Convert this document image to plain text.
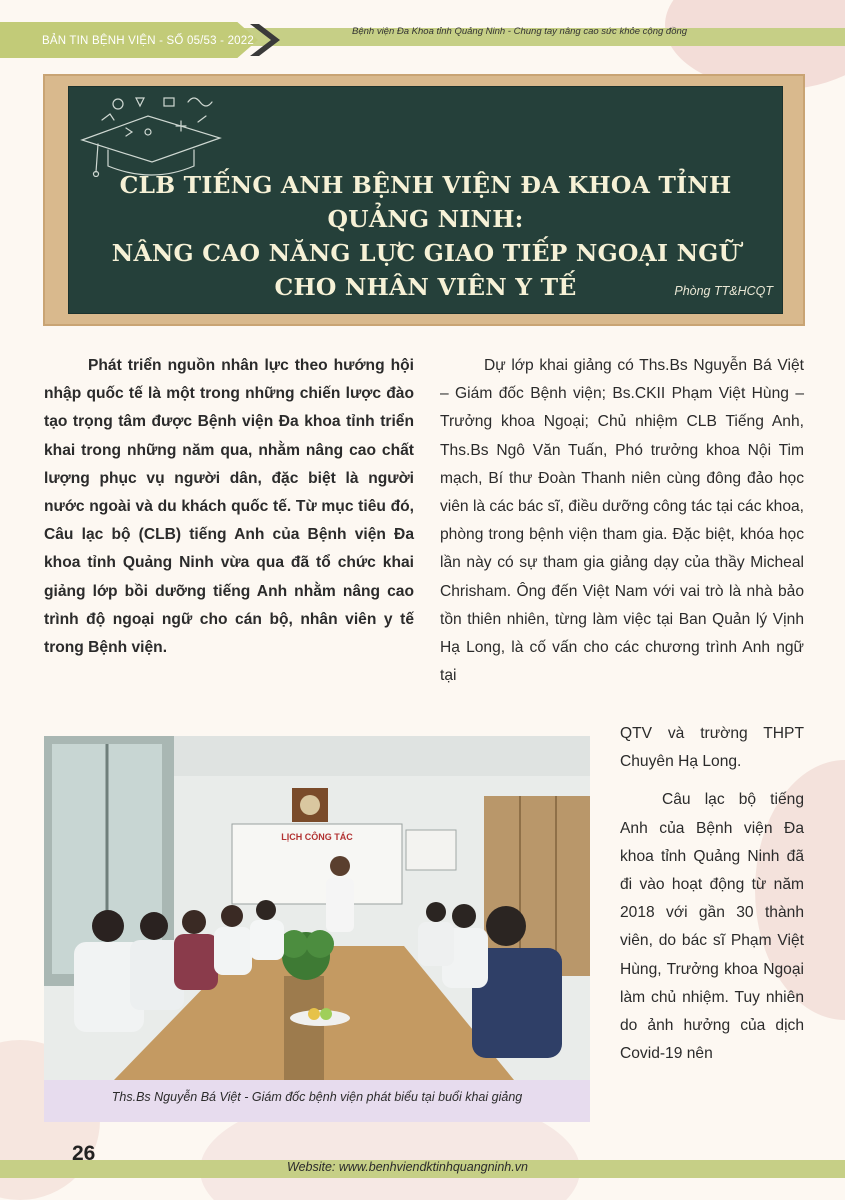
BẢN TIN BỆNH VIỆN - SỐ 05/53 - 2022
Bệnh viện Đa Khoa tỉnh Quảng Ninh - Chung tay nâng cao sức khỏe cộng đồng
CLB TIẾNG ANH BỆNH VIỆN ĐA KHOA TỈNH QUẢNG NINH:
NÂNG CAO NĂNG LỰC GIAO TIẾP NGOẠI NGỮ
CHO NHÂN VIÊN Y TẾ	Phòng TT&HCQT

Phát triển nguồn nhân lực theo hướng hội nhập quốc tế là một trong những chiến lược đào tạo trọng tâm được Bệnh viện Đa khoa tỉnh triển khai trong những năm qua, nhằm nâng cao chất lượng phục vụ người dân, đặc biệt là người nước ngoài và du khách quốc tế. Từ mục tiêu đó, Câu lạc bộ (CLB) tiếng Anh của Bệnh viện Đa khoa tỉnh Quảng Ninh vừa qua đã tổ chức khai giảng lớp bồi dưỡng tiếng Anh nhằm nâng cao trình độ ngoại ngữ cho cán bộ, nhân viên y tế trong Bệnh viện.

Dự lớp khai giảng có Ths.Bs Nguyễn Bá Việt – Giám đốc Bệnh viện; Bs.CKII Phạm Việt Hùng – Trưởng khoa Ngoại; Chủ nhiệm CLB Tiếng Anh, Ths.Bs Ngô Văn Tuấn, Phó trưởng khoa Nội Tim mạch, Bí thư Đoàn Thanh niên cùng đông đảo học viên là các bác sĩ, điều dưỡng công tác tại các khoa, phòng trong bệnh viện tham gia. Đặc biệt, khóa học lần này có sự tham gia giảng dạy của thầy Micheal Chrisham. Ông đến Việt Nam với vai trò là nhà bảo tồn thiên nhiên, từng làm việc tại Ban Quản lý Vịnh Hạ Long, là cố vấn cho các chương trình Anh ngữ tại

QTV và trường THPT Chuyên Hạ Long.

Câu lạc bộ tiếng Anh của Bệnh viện Đa khoa tỉnh Quảng Ninh đã đi vào hoạt động từ năm 2018 với gần 30 thành viên, do bác sĩ Phạm Việt Hùng, Trưởng khoa Ngoại làm chủ nhiệm. Tuy nhiên do ảnh hưởng của dịch Covid-19 nên

LỊCH CÔNG TÁC
Ths.Bs Nguyễn Bá Việt - Giám đốc bệnh viện phát biểu tại buổi khai giảng
26
Website: www.benhviendktinhquangninh.vn
